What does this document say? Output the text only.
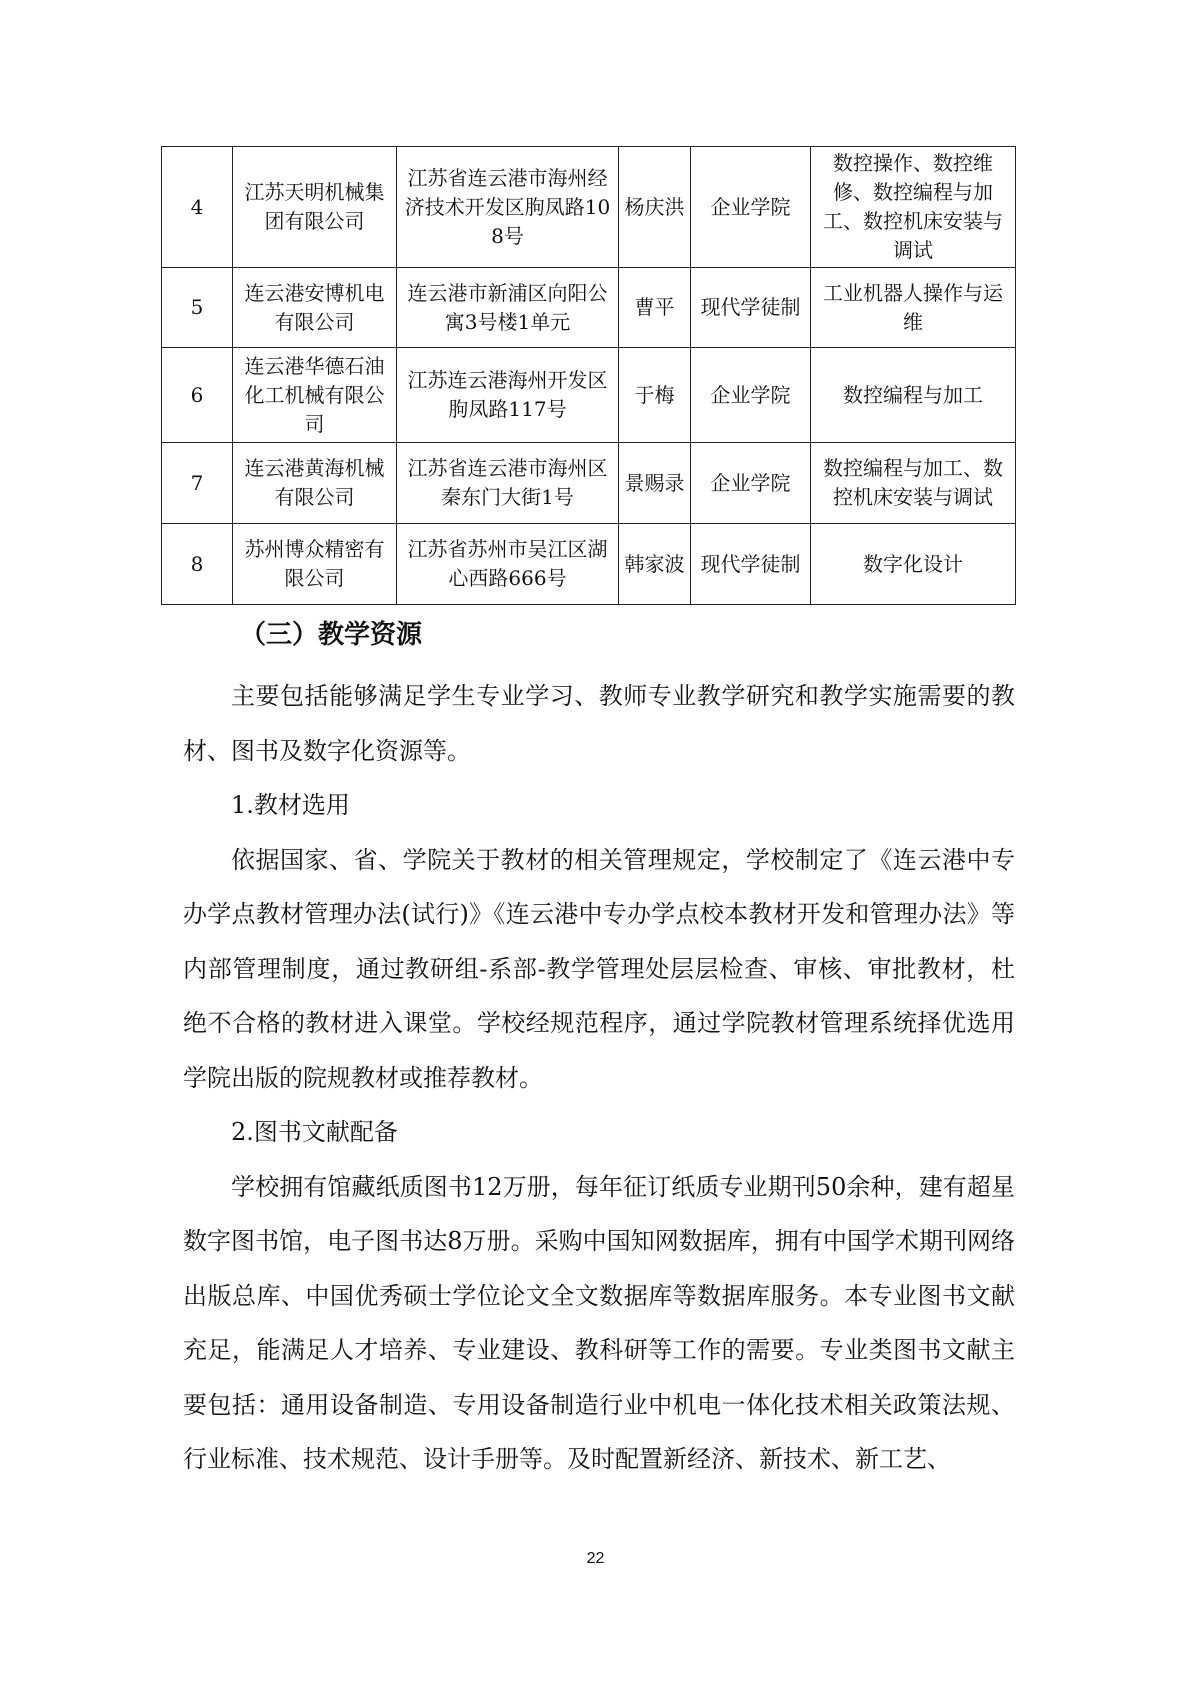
4	江苏天明机械集团有限公司	江苏省连云港市海州经济技术开发区朐凤路108号	杨庆洪	企业学院	数控操作、数控维修、数控编程与加工、数控机床安装与调试
5	连云港安博机电有限公司	连云港市新浦区向阳公寓3号楼1单元	曹平	现代学徒制	工业机器人操作与运维
6	连云港华德石油化工机械有限公司	江苏连云港海州开发区朐凤路117号	于梅	企业学院	数控编程与加工
7	连云港黄海机械有限公司	江苏省连云港市海州区秦东门大街1号	景赐录	企业学院	数控编程与加工、数控机床安装与调试
8	苏州博众精密有限公司	江苏省苏州市吴江区湖心西路666号	韩家波	现代学徒制	数字化设计
（三）教学资源

主要包括能够满足学生专业学习、教师专业教学研究和教学实施需要的教材、图书及数字化资源等。

1.教材选用

依据国家、省、学院关于教材的相关管理规定，学校制定了《连云港中专办学点教材管理办法(试行)》《连云港中专办学点校本教材开发和管理办法》等内部管理制度，通过教研组-系部-教学管理处层层检查、审核、审批教材，杜绝不合格的教材进入课堂。学校经规范程序，通过学院教材管理系统择优选用学院出版的院规教材或推荐教材。

2.图书文献配备

学校拥有馆藏纸质图书12万册，每年征订纸质专业期刊50余种，建有超星数字图书馆，电子图书达8万册。采购中国知网数据库，拥有中国学术期刊网络出版总库、中国优秀硕士学位论文全文数据库等数据库服务。本专业图书文献充足，能满足人才培养、专业建设、教科研等工作的需要。专业类图书文献主要包括：通用设备制造、专用设备制造行业中机电一体化技术相关政策法规、行业标准、技术规范、设计手册等。及时配置新经济、新技术、新工艺、

22
